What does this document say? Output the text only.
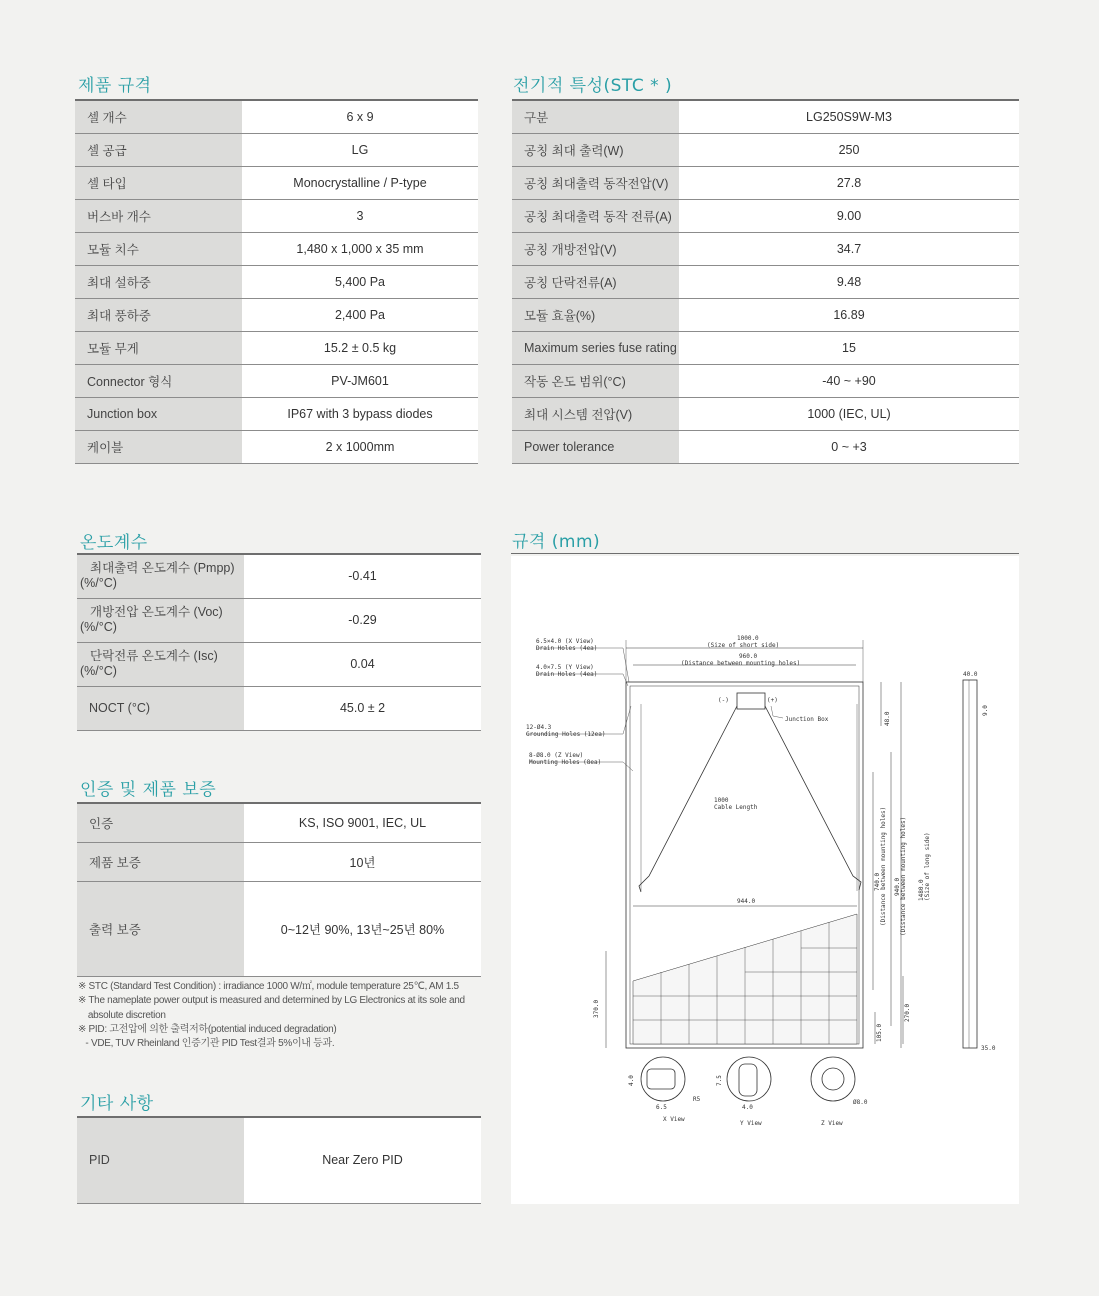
제품 규격
셀 개수	6 x 9
셀 공급	LG
셀 타입	Monocrystalline / P-type
버스바 개수	3
모듈 치수	1,480 x 1,000 x 35 mm
최대 설하중	5,400 Pa
최대 풍하중	2,400 Pa
모듈 무게	15.2 ± 0.5 kg
Connector 형식	PV-JM601
Junction box	IP67 with 3 bypass diodes
케이블	2 x 1000mm
전기적 특성(STC * )
구분	LG250S9W-M3
공칭 최대 출력(W)	250
공칭 최대출력 동작전압(V)	27.8
공칭 최대출력 동작 전류(A)	9.00
공칭 개방전압(V)	34.7
공칭 단락전류(A)	9.48
모듈 효율(%)	16.89
Maximum series fuse rating	15
작동 온도 범위(°C)	-40 ~ +90
최대 시스템 전압(V)	1000 (IEC, UL)
Power tolerance	0 ~ +3
온도계수
최대출력 온도계수 (Pmpp)
(%/°C)	-0.41
개방전압 온도계수 (Voc)
(%/°C)	-0.29
단락전류 온도계수 (Isc)
(%/°C)	0.04
NOCT (°C)	45.0 ± 2
인증 및 제품 보증
인증	KS, ISO 9001, IEC, UL
제품 보증	10년
출력 보증	0~12년 90%, 13년~25년 80%

※ STC (Standard Test Condition) : irradiance 1000 W/㎡, module temperature 25℃, AM 1.5

※ The nameplate power output is measured and determined by LG Electronics at its sole and

absolute discretion

※ PID: 고전압에 의한 출력저하(potential induced degradation)

- VDE, TUV Rheinland 인증기관 PID Test결과 5%이내 등과.

기타 사항
PID	Near Zero PID
규격 (mm)
6.5×4.0 (X View)
Drain Holes (4ea)
4.0×7.5 (Y View)
Drain Holes (4ea)
12-Ø4.3
Grounding Holes (12ea)
8-Ø8.0 (Z View)
Mounting Holes (8ea)
1000.0
(Size of short side)
960.0
(Distance between mounting holes)
(-)	(+)
Junction Box
1000
Cable Length
944.0
X View
Y View	Z View
6.5
R5
4.0
Ø8.0
35.0
40.0
48.0
740.0 (Distance between mounting holes) 940.0 (Distance between mounting holes) 1480.0 (Size of long side)
370.0	270.0
105.0
9.0
4.0	7.5
